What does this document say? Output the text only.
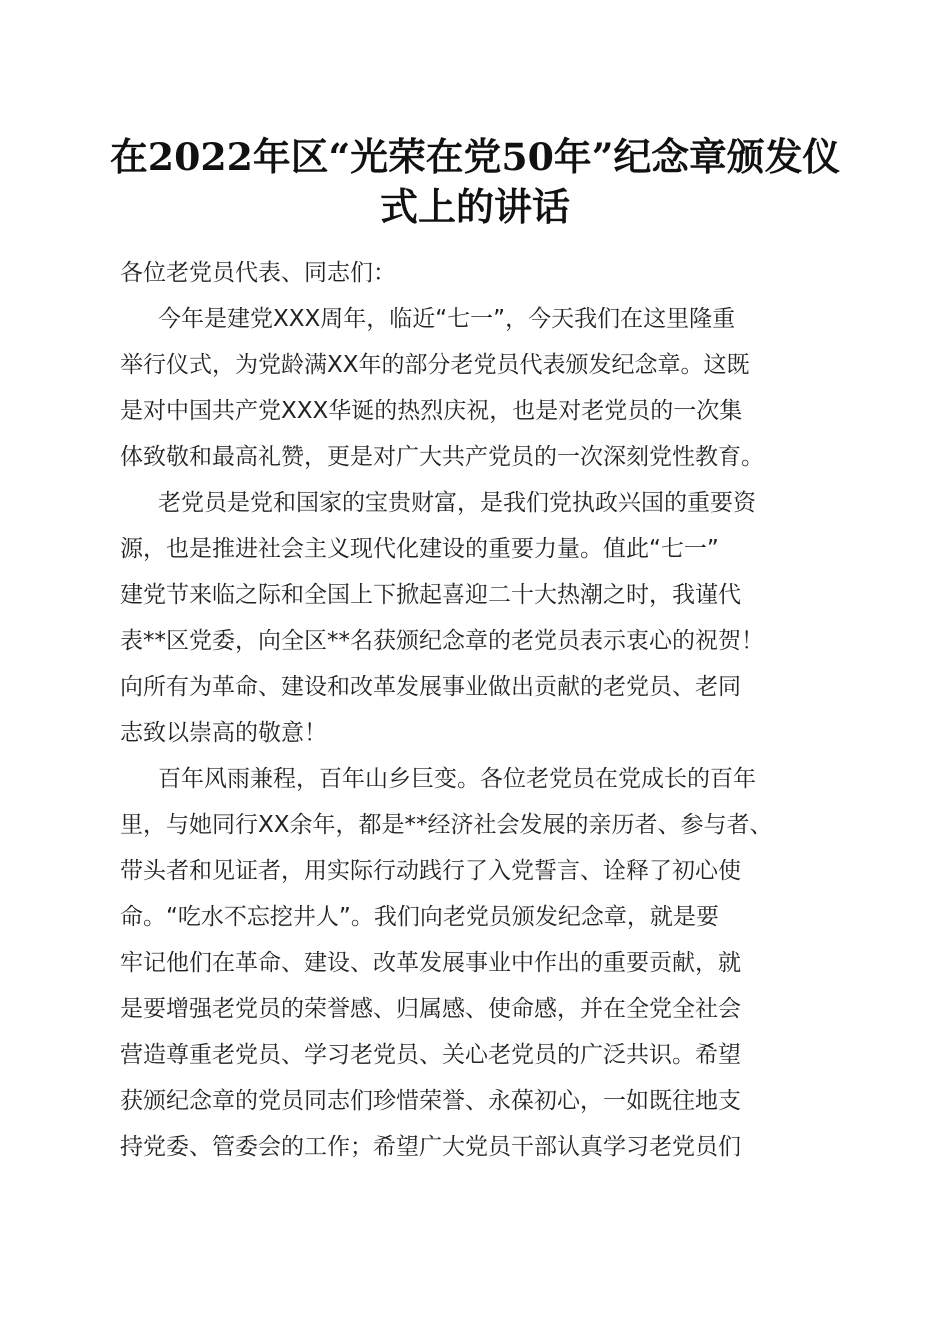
在2022年区“光荣在党50年”纪念章颁发仪
式上的讲话
各位老党员代表、同志们：
今年是建党XXX周年，临近“七一”，今天我们在这里隆重
举行仪式，为党龄满XX年的部分老党员代表颁发纪念章。这既
是对中国共产党XXX华诞的热烈庆祝，也是对老党员的一次集
体致敬和最高礼赞，更是对广大共产党员的一次深刻党性教育。
老党员是党和国家的宝贵财富，是我们党执政兴国的重要资
源，也是推进社会主义现代化建设的重要力量。值此“七一”
建党节来临之际和全国上下掀起喜迎二十大热潮之时，我谨代
表**区党委，向全区**名获颁纪念章的老党员表示衷心的祝贺！
向所有为革命、建设和改革发展事业做出贡献的老党员、老同
志致以崇高的敬意！
百年风雨兼程，百年山乡巨变。各位老党员在党成长的百年
里，与她同行XX余年，都是**经济社会发展的亲历者、参与者、
带头者和见证者，用实际行动践行了入党誓言、诠释了初心使
命。“吃水不忘挖井人”。我们向老党员颁发纪念章，就是要
牢记他们在革命、建设、改革发展事业中作出的重要贡献，就
是要增强老党员的荣誉感、归属感、使命感，并在全党全社会
营造尊重老党员、学习老党员、关心老党员的广泛共识。希望
获颁纪念章的党员同志们珍惜荣誉、永葆初心，一如既往地支
持党委、管委会的工作；希望广大党员干部认真学习老党员们
